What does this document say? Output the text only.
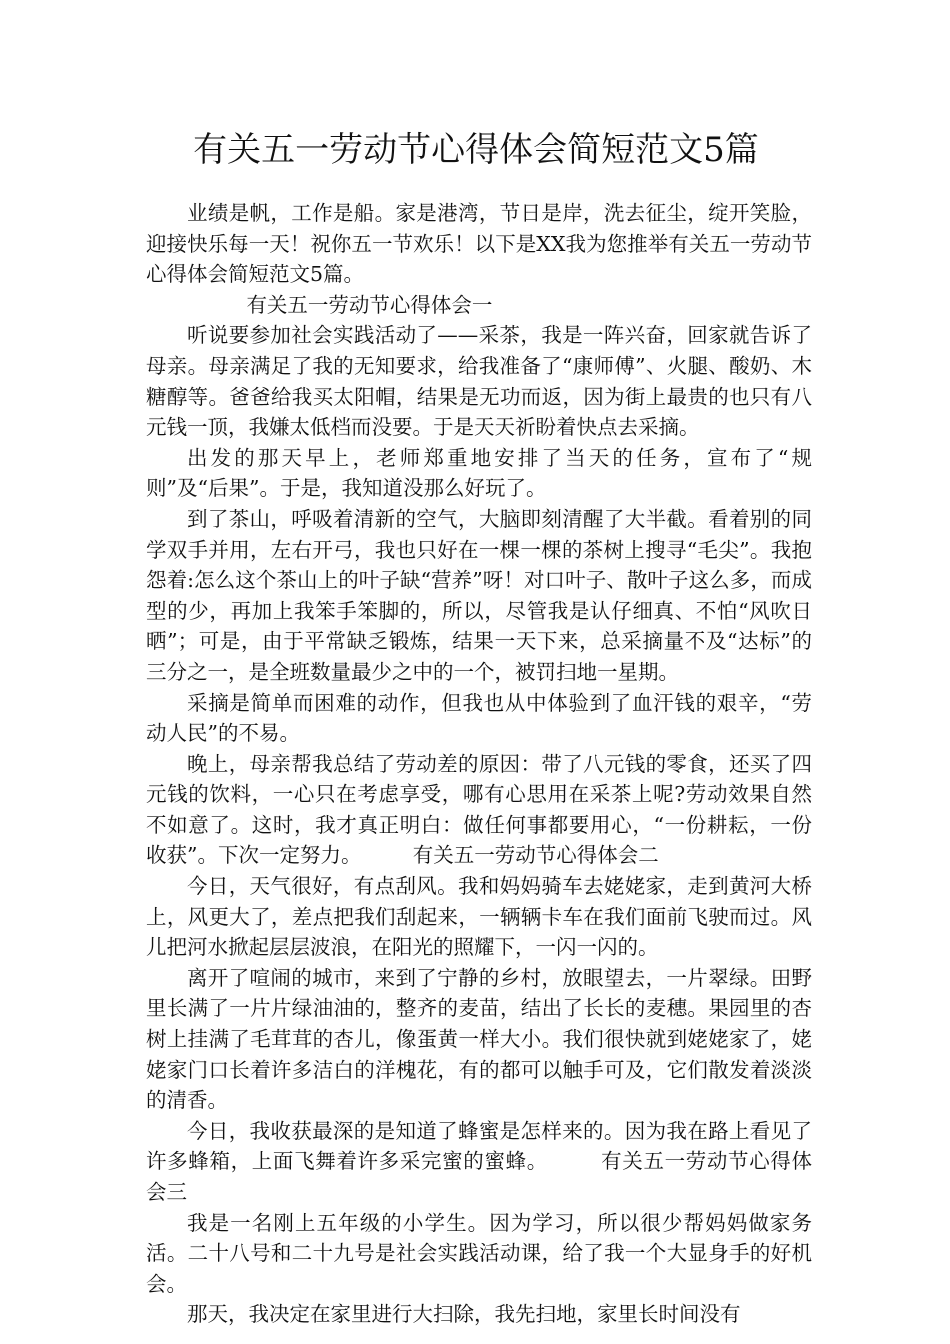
有关五一劳动节心得体会简短范文5篇

业绩是帆，工作是船。家是港湾，节日是岸，洗去征尘，绽开笑脸，迎接快乐每一天！祝你五一节欢乐！以下是XX我为您推举有关五一劳动节心得体会简短范文5篇。

有关五一劳动节心得体会一

听说要参加社会实践活动了——采茶，我是一阵兴奋，回家就告诉了母亲。母亲满足了我的无知要求，给我准备了“康师傅”、火腿、酸奶、木糖醇等。爸爸给我买太阳帽，结果是无功而返，因为街上最贵的也只有八元钱一顶，我嫌太低档而没要。于是天天祈盼着快点去采摘。

出发的那天早上，老师郑重地安排了当天的任务，宣布了“规则”及“后果”。于是，我知道没那么好玩了。

到了茶山，呼吸着清新的空气，大脑即刻清醒了大半截。看着别的同学双手并用，左右开弓，我也只好在一棵一棵的茶树上搜寻“毛尖”。我抱怨着:怎么这个茶山上的叶子缺“营养”呀！对口叶子、散叶子这么多，而成型的少，再加上我笨手笨脚的，所以，尽管我是认仔细真、不怕“风吹日晒”；可是，由于平常缺乏锻炼，结果一天下来，总采摘量不及“达标”的三分之一，是全班数量最少之中的一个，被罚扫地一星期。

采摘是简单而困难的动作，但我也从中体验到了血汗钱的艰辛，“劳动人民”的不易。

晚上，母亲帮我总结了劳动差的原因：带了八元钱的零食，还买了四元钱的饮料，一心只在考虑享受，哪有心思用在采茶上呢?劳动效果自然不如意了。这时，我才真正明白：做任何事都要用心，“一份耕耘，一份收获”。下次一定努力。　　　	有关五一劳动节心得体会二

今日，天气很好，有点刮风。我和妈妈骑车去姥姥家，走到黄河大桥上，风更大了，差点把我们刮起来，一辆辆卡车在我们面前飞驶而过。风儿把河水掀起层层波浪，在阳光的照耀下，一闪一闪的。

离开了喧闹的城市，来到了宁静的乡村，放眼望去，一片翠绿。田野里长满了一片片绿油油的，整齐的麦苗，结出了长长的麦穗。果园里的杏树上挂满了毛茸茸的杏儿，像蛋黄一样大小。我们很快就到姥姥家了，姥姥家门口长着许多洁白的洋槐花，有的都可以触手可及，它们散发着淡淡的清香。

今日，我收获最深的是知道了蜂蜜是怎样来的。因为我在路上看见了许多蜂箱，上面飞舞着许多采完蜜的蜜蜂。　　　	有关五一劳动节心得体会三

我是一名刚上五年级的小学生。因为学习，所以很少帮妈妈做家务活。二十八号和二十九号是社会实践活动课，给了我一个大显身手的好机会。

那天，我决定在家里进行大扫除，我先扫地，家里长时间没有
